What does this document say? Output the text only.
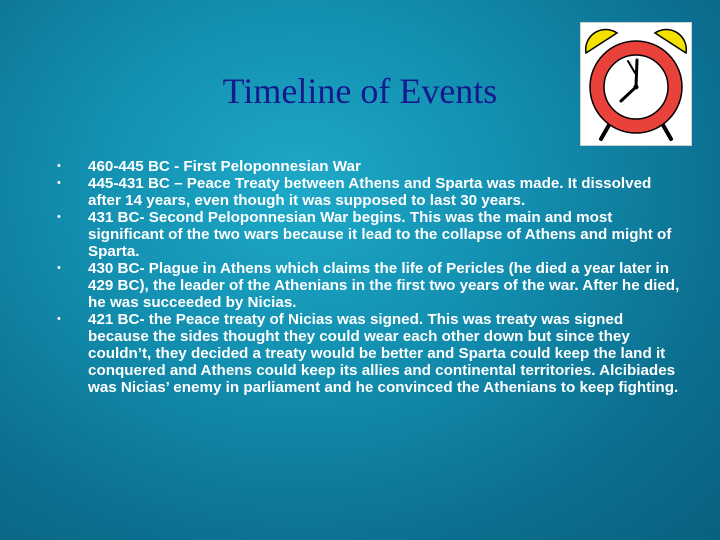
Timeline of Events
• 460-445 BC - First Peloponnesian War
• 445-431 BC – Peace Treaty between Athens and Sparta was made. It dissolved after 14 years, even though it was supposed to last 30 years.
• 431 BC- Second Peloponnesian War begins. This was the main and most significant of the two wars because it lead to the collapse of Athens and might of Sparta.
• 430 BC- Plague in Athens which claims the life of Pericles (he died a year later in 429 BC), the leader of the Athenians in the first two years of the war. After he died, he was succeeded by Nicias.
• 421 BC- the Peace treaty of Nicias was signed. This was treaty was signed because the sides thought they could wear each other down but since they couldn’t, they decided a treaty would be better and Sparta could keep the land it conquered and Athens could keep its allies and continental territories. Alcibiades was Nicias’ enemy in parliament and he convinced the Athenians to keep fighting.
